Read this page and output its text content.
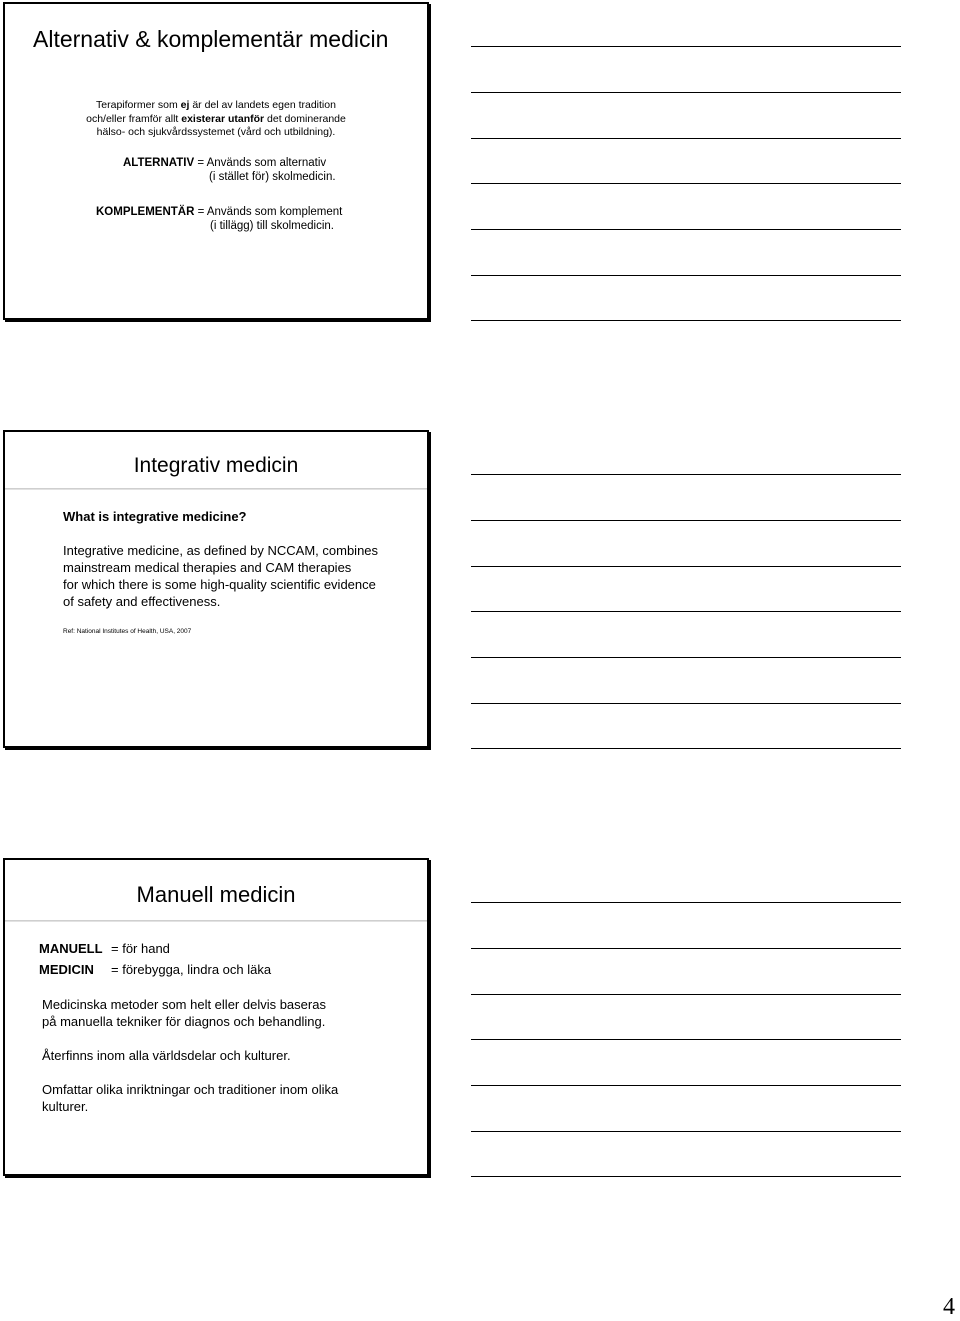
Alternativ & komplementär medicin
Terapiformer som ej är del av landets egen tradition
och/eller framför allt existerar utanför det dominerande
hälso- och sjukvårdssystemet (vård och utbildning).
ALTERNATIV = Används som alternativ
(i stället för) skolmedicin.
KOMPLEMENTÄR = Används som komplement
(i tillägg) till skolmedicin.
Integrativ medicin
What is integrative medicine?
Integrative medicine, as defined by NCCAM, combines
mainstream medical therapies and CAM therapies
for which there is some high-quality scientific evidence
of safety and effectiveness.
Ref: National Institutes of Health, USA, 2007
Manuell medicin
MANUELL = för hand
MEDICIN = förebygga, lindra och läka
Medicinska metoder som helt eller delvis baseras
på manuella tekniker för diagnos och behandling.
Återfinns inom alla världsdelar och kulturer.
Omfattar olika inriktningar och traditioner inom olika
kulturer.
4
